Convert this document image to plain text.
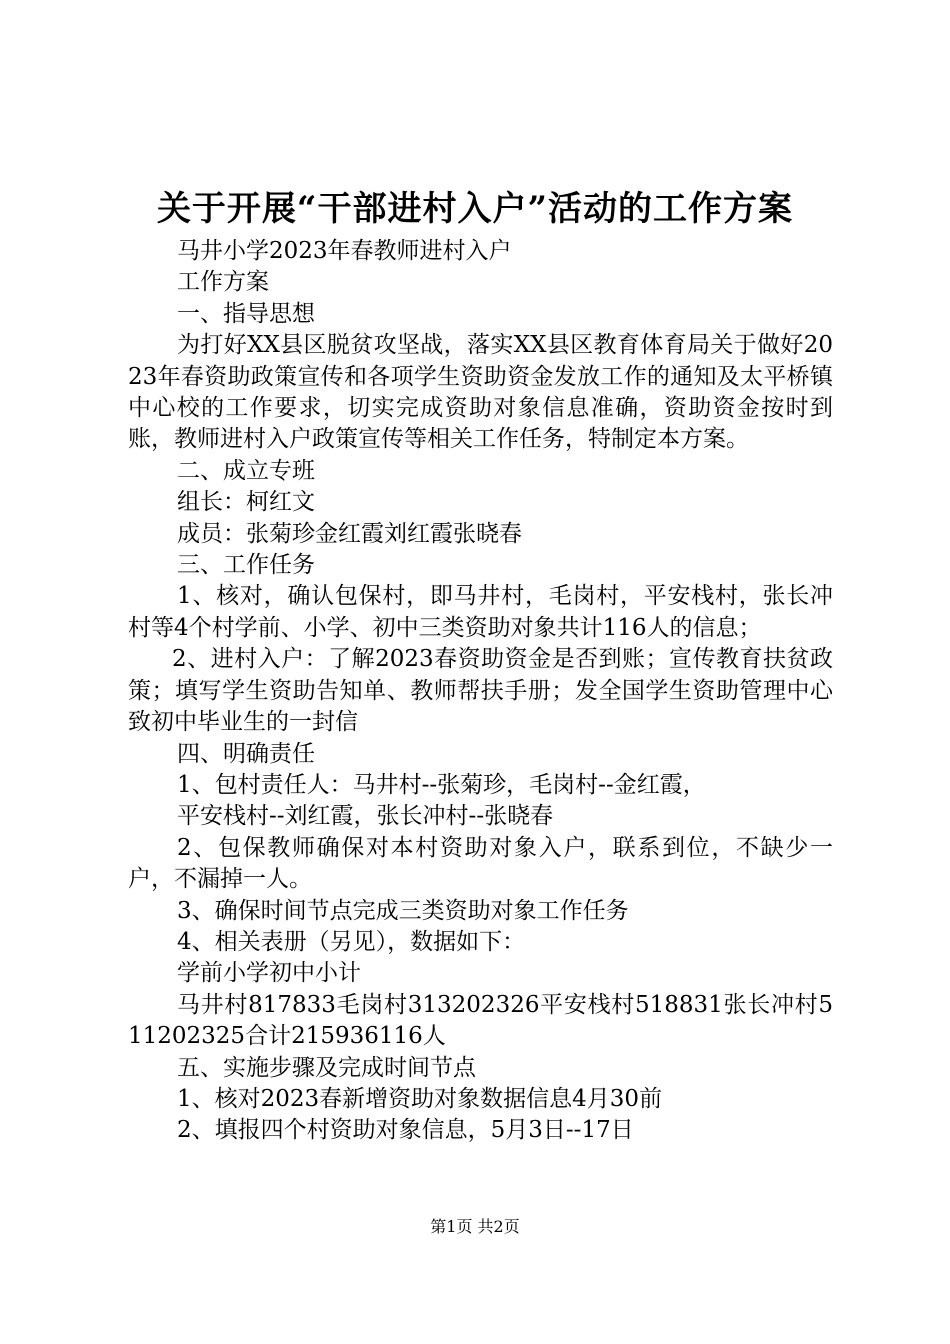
关于开展“干部进村入户”活动的工作方案

马井小学2023年春教师进村入户

工作方案

一、指导思想

为打好XX县区脱贫攻坚战，落实XX县区教育体育局关于做好2023年春资助政策宣传和各项学生资助资金发放工作的通知及太平桥镇中心校的工作要求，切实完成资助对象信息准确，资助资金按时到账，教师进村入户政策宣传等相关工作任务，特制定本方案。

二、成立专班

组长：柯红文

成员：张菊珍金红霞刘红霞张晓春

三、工作任务

1、核对，确认包保村，即马井村，毛岗村，平安栈村，张长冲村等4个村学前、小学、初中三类资助对象共计116人的信息；

2、进村入户：了解2023春资助资金是否到账；宣传教育扶贫政策；填写学生资助告知单、教师帮扶手册；发全国学生资助管理中心致初中毕业生的一封信

四、明确责任

1、包村责任人：马井村--张菊珍，毛岗村--金红霞，

平安栈村--刘红霞，张长冲村--张晓春

2、包保教师确保对本村资助对象入户，联系到位，不缺少一户，不漏掉一人。

3、确保时间节点完成三类资助对象工作任务

4、相关表册（另见），数据如下：

学前小学初中小计

马井村817833毛岗村313202326平安栈村518831张长冲村511202325合计215936116人

五、实施步骤及完成时间节点

1、核对2023春新增资助对象数据信息4月30前

2、填报四个村资助对象信息，5月3日--17日

第1页 共2页
